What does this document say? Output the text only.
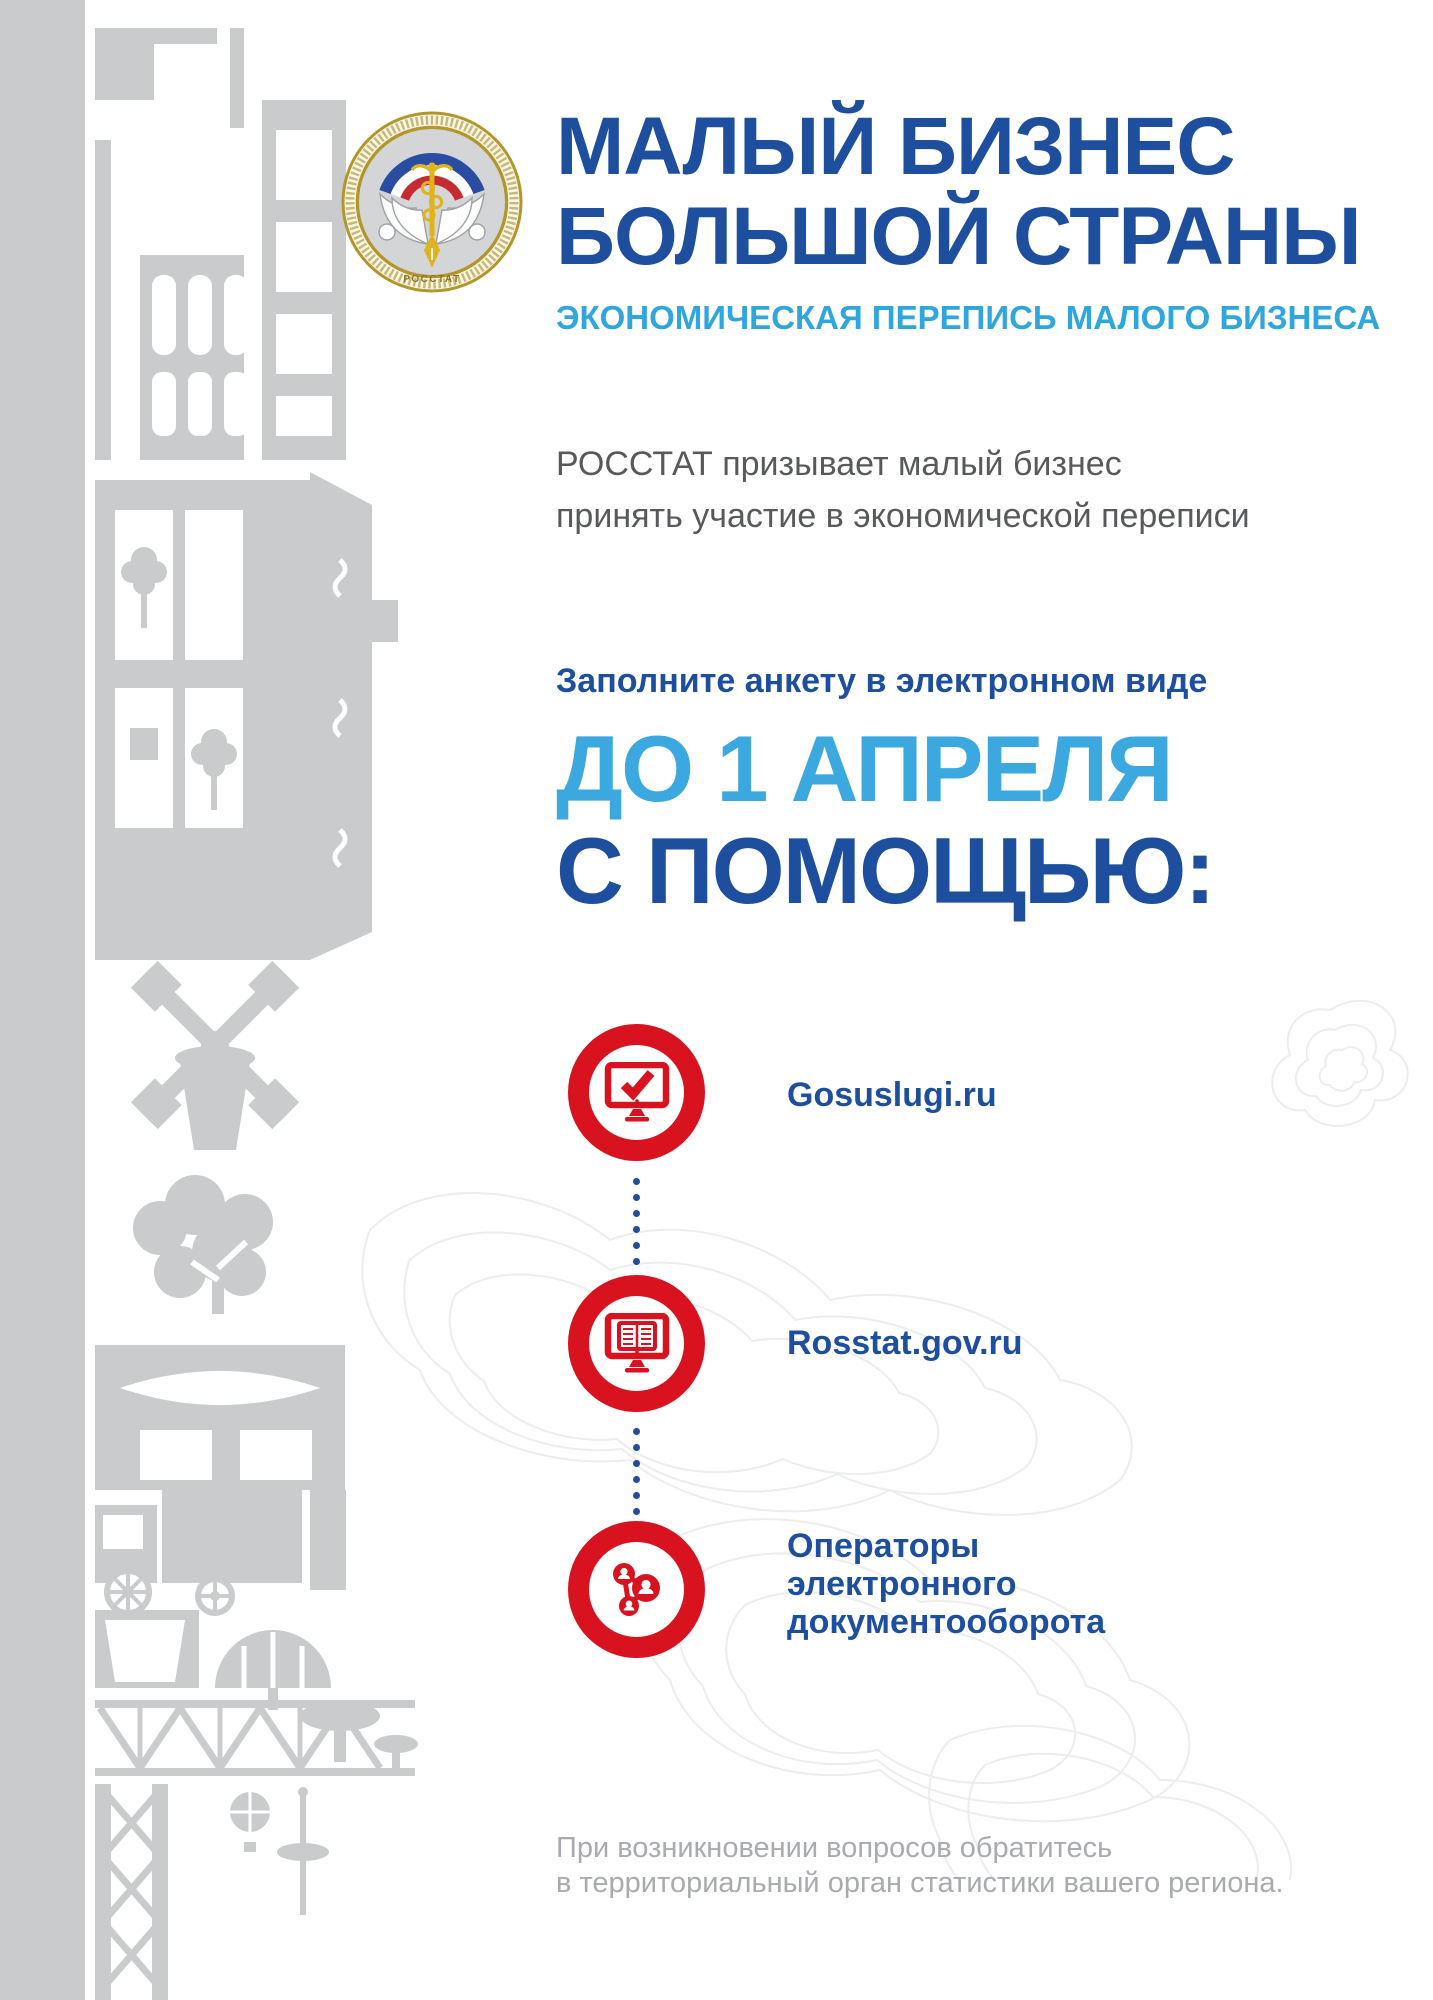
РОССТАТ
МАЛЫЙ БИЗНЕС
БОЛЬШОЙ СТРАНЫ
ЭКОНОМИЧЕСКАЯ ПЕРЕПИСЬ МАЛОГО БИЗНЕСА
РОССТАТ призывает малый бизнес
принять участие в экономической переписи
Заполните анкету в электронном виде
ДО 1 АПРЕЛЯ
С ПОМОЩЬЮ:
Gosuslugi.ru
Rosstat.gov.ru
Операторы
электронного
документооборота
При возникновении вопросов обратитесь
в территориальный орган статистики вашего региона.
